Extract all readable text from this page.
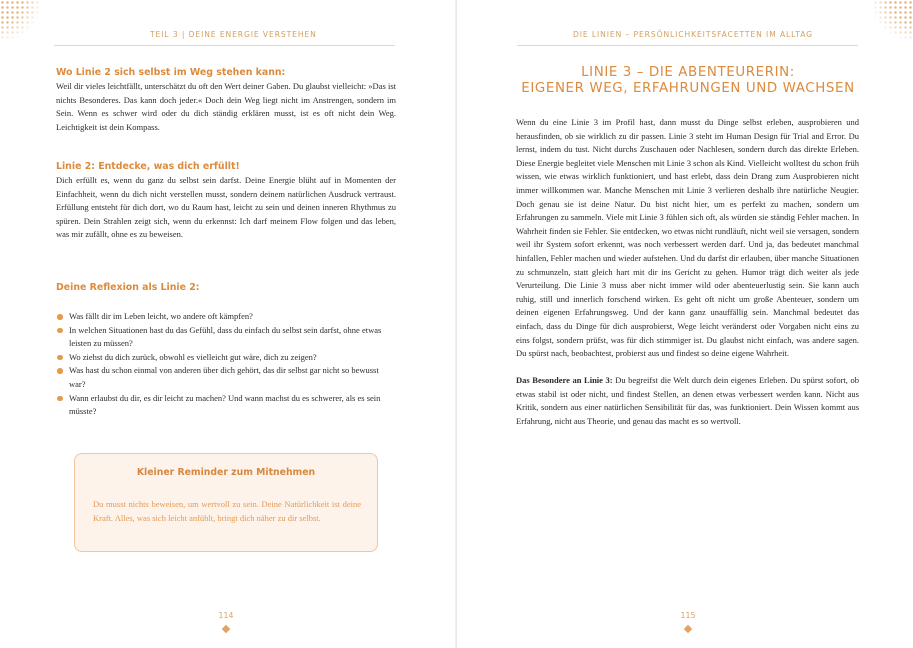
TEIL 3 | DEINE ENERGIE VERSTEHEN
Wo Linie 2 sich selbst im Weg stehen kann:

Weil dir vieles leichtfällt, unterschätzt du oft den Wert deiner Gaben. Du glaubst vielleicht: »Das ist nichts Besonderes. Das kann doch jeder.« Doch dein Weg liegt nicht im Anstrengen, sondern im Sein. Wenn es schwer wird oder du dich ständig erklären musst, ist es oft nicht dein Weg. Leichtigkeit ist dein Kompass.

Linie 2: Entdecke, was dich erfüllt!

Dich erfüllt es, wenn du ganz du selbst sein darfst. Deine Energie blüht auf in Momenten der Einfachheit, wenn du dich nicht verstellen musst, sondern deinem natürlichen Ausdruck vertraust. Erfüllung entsteht für dich dort, wo du Raum hast, leicht zu sein und deinen inneren Rhythmus zu spüren. Dein Strahlen zeigt sich, wenn du erkennst: Ich darf meinem Flow folgen und das leben, was mir zufällt, ohne es zu beweisen.

Deine Reflexion als Linie 2:
Was fällt dir im Leben leicht, wo andere oft kämpfen?
In welchen Situationen hast du das Gefühl, dass du einfach du selbst sein darfst, ohne etwas leisten zu müssen?
Wo ziehst du dich zurück, obwohl es vielleicht gut wäre, dich zu zeigen?
Was hast du schon einmal von anderen über dich gehört, das dir selbst gar nicht so bewusst war?
Wann erlaubst du dir, es dir leicht zu machen? Und wann machst du es schwerer, als es sein müsste?
Kleiner Reminder zum Mitnehmen
Du musst nichts beweisen, um wertvoll zu sein. Deine Natürlichkeit ist deine Kraft. Alles, was sich leicht anfühlt, bringt dich näher zu dir selbst.
114
DIE LINIEN – PERSÖNLICHKEITSFACETTEN IM ALLTAG
LINIE 3 – DIE ABENTEURERIN:
EIGENER WEG, ERFAHRUNGEN UND WACHSEN

Wenn du eine Linie 3 im Profil hast, dann musst du Dinge selbst erleben, ausprobieren und herausfinden, ob sie wirklich zu dir passen. Linie 3 steht im Human Design für Trial and Error. Du lernst, indem du tust. Nicht durchs Zuschauen oder Nachlesen, sondern durch das direkte Erleben. Diese Energie begleitet viele Menschen mit Linie 3 schon als Kind. Vielleicht wolltest du schon früh wissen, wie etwas wirklich funktioniert, und hast erlebt, dass dein Drang zum Ausprobieren nicht immer willkommen war. Manche Menschen mit Linie 3 verlieren deshalb ihre natürliche Neugier. Doch genau sie ist deine Natur. Du bist nicht hier, um es perfekt zu machen, sondern um Erfahrungen zu sammeln. Viele mit Linie 3 fühlen sich oft, als würden sie ständig Fehler machen. In Wahrheit finden sie Fehler. Sie entdecken, wo etwas nicht rundläuft, nicht weil sie versagen, sondern weil ihr System sofort erkennt, was noch verbessert werden darf. Und ja, das bedeutet manchmal hinfallen, Fehler machen und wieder aufstehen. Und du darfst dir erlauben, über manche Situationen zu schmunzeln, statt gleich hart mit dir ins Gericht zu gehen. Humor trägt dich weiter als jede Verurteilung. Die Linie 3 muss aber nicht immer wild oder abenteuerlustig sein. Sie kann auch ruhig, still und innerlich forschend wirken. Es geht oft nicht um große Abenteuer, sondern um deinen eigenen Erfahrungsweg. Und der kann ganz unauffällig sein. Manchmal bedeutet das einfach, dass du Dinge für dich ausprobierst, Wege leicht veränderst oder Vorgaben nicht eins zu eins folgst, sondern prüfst, was für dich stimmiger ist. Du glaubst nicht einfach, was andere sagen. Du spürst nach, beobachtest, probierst aus und findest so deine eigene Wahrheit.

Das Besondere an Linie 3: Du begreifst die Welt durch dein eigenes Erleben. Du spürst sofort, ob etwas stabil ist oder nicht, und findest Stellen, an denen etwas verbessert werden kann. Nicht aus Kritik, sondern aus einer natürlichen Sensibilität für das, was funktioniert. Dein Wissen kommt aus Erfahrung, nicht aus Theorie, und genau das macht es so wertvoll.

115
